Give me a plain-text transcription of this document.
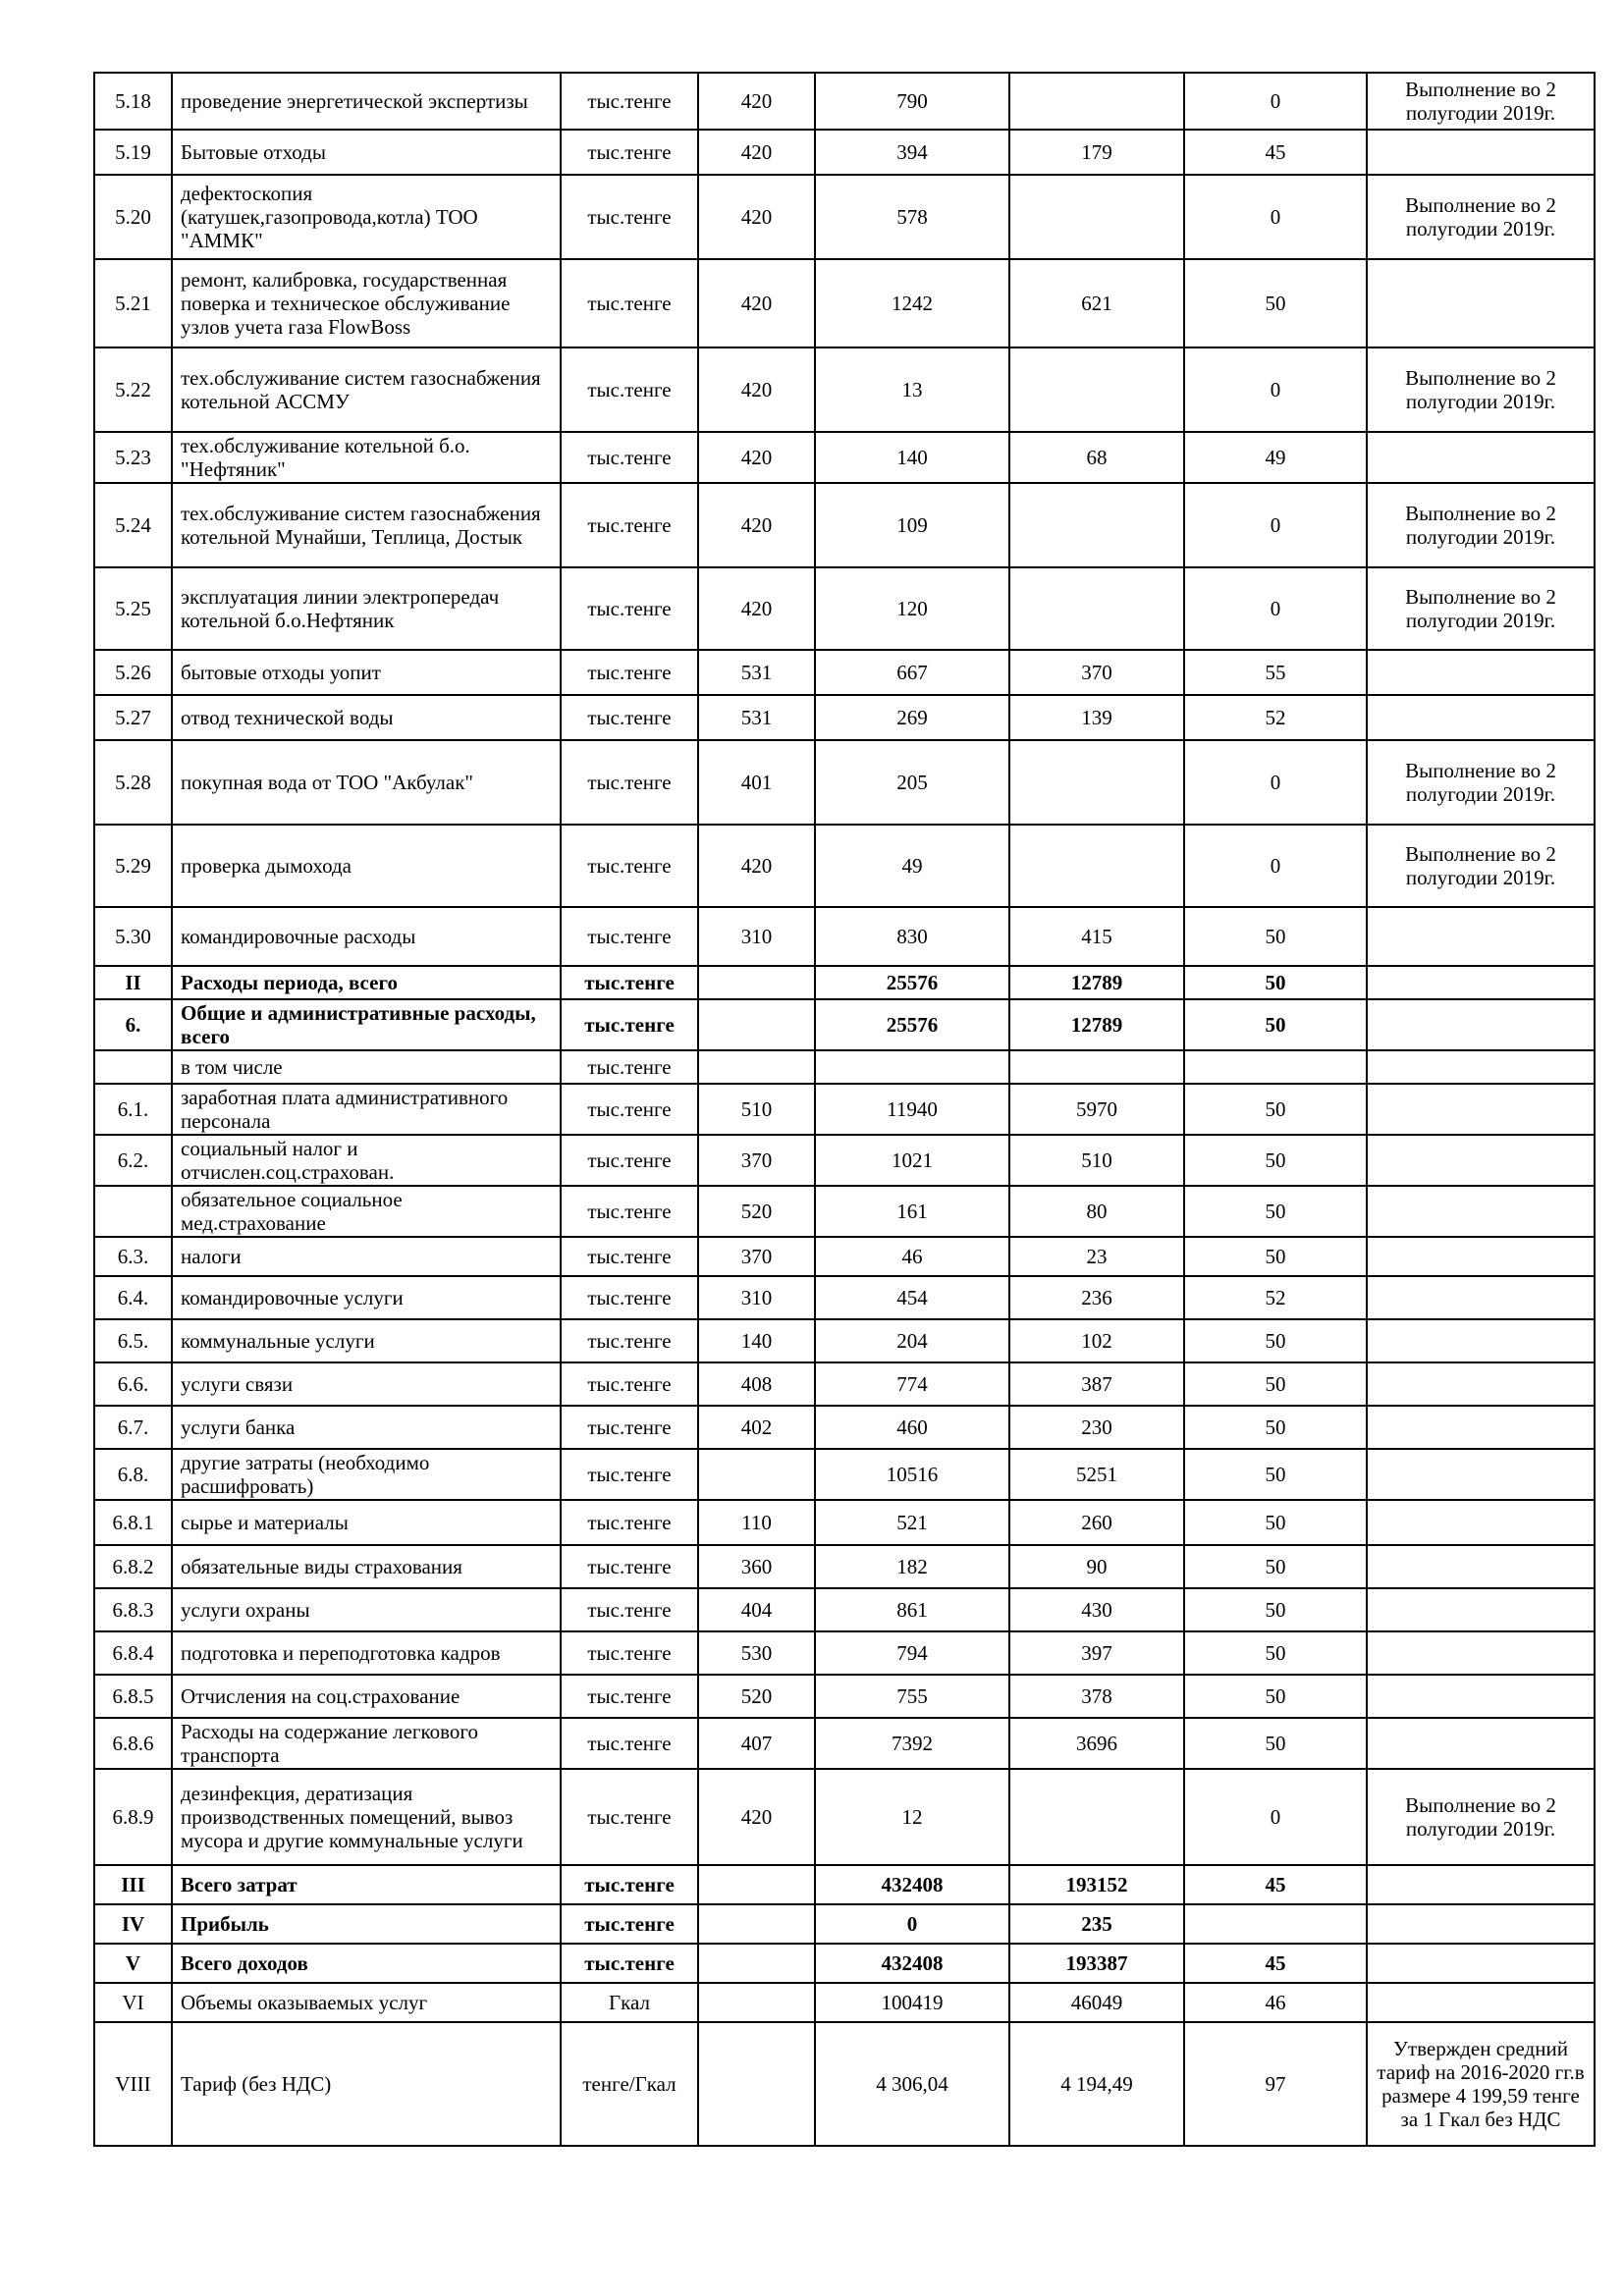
5.18	проведение энергетической экспертизы	тыс.тенге	420	790		0	Выполнение во 2 полугодии 2019г.
5.19	Бытовые отходы	тыс.тенге	420	394	179	45	
5.20	дефектоскопия (катушек,газопровода,котла) ТОО "АММК"	тыс.тенге	420	578		0	Выполнение во 2 полугодии 2019г.
5.21	ремонт, калибровка, государственная поверка и техническое обслуживание узлов учета газа FlowBoss	тыс.тенге	420	1242	621	50	
5.22	тех.обслуживание систем газоснабжения котельной АССМУ	тыс.тенге	420	13		0	Выполнение во 2 полугодии 2019г.
5.23	тех.обслуживание котельной б.о. "Нефтяник"	тыс.тенге	420	140	68	49	
5.24	тех.обслуживание систем газоснабжения котельной Мунайши, Теплица, Достык	тыс.тенге	420	109		0	Выполнение во 2 полугодии 2019г.
5.25	эксплуатация линии электропередач котельной б.о.Нефтяник	тыс.тенге	420	120		0	Выполнение во 2 полугодии 2019г.
5.26	бытовые отходы уопит	тыс.тенге	531	667	370	55	
5.27	отвод технической воды	тыс.тенге	531	269	139	52	
5.28	покупная вода от ТОО "Акбулак"	тыс.тенге	401	205		0	Выполнение во 2 полугодии 2019г.
5.29	проверка дымохода	тыс.тенге	420	49		0	Выполнение во 2 полугодии 2019г.
5.30	командировочные расходы	тыс.тенге	310	830	415	50	
II	Расходы периода, всего	тыс.тенге		25576	12789	50	
6.	Общие и административные расходы, всего	тыс.тенге		25576	12789	50	
	в том числе	тыс.тенге					
6.1.	заработная плата административного персонала	тыс.тенге	510	11940	5970	50	
6.2.	социальный налог и отчислен.соц.страхован.	тыс.тенге	370	1021	510	50	
	обязательное социальное мед.страхование	тыс.тенге	520	161	80	50	
6.3.	налоги	тыс.тенге	370	46	23	50	
6.4.	командировочные услуги	тыс.тенге	310	454	236	52	
6.5.	коммунальные услуги	тыс.тенге	140	204	102	50	
6.6.	услуги связи	тыс.тенге	408	774	387	50	
6.7.	услуги банка	тыс.тенге	402	460	230	50	
6.8.	другие затраты (необходимо расшифровать)	тыс.тенге		10516	5251	50	
6.8.1	сырье и материалы	тыс.тенге	110	521	260	50	
6.8.2	обязательные виды страхования	тыс.тенге	360	182	90	50	
6.8.3	услуги охраны	тыс.тенге	404	861	430	50	
6.8.4	подготовка и переподготовка кадров	тыс.тенге	530	794	397	50	
6.8.5	Отчисления на соц.страхование	тыс.тенге	520	755	378	50	
6.8.6	Расходы на содержание легкового транспорта	тыс.тенге	407	7392	3696	50	
6.8.9	дезинфекция, дератизация производственных помещений, вывоз мусора и другие коммунальные услуги	тыс.тенге	420	12		0	Выполнение во 2 полугодии 2019г.
III	Всего затрат	тыс.тенге		432408	193152	45	
IV	Прибыль	тыс.тенге		0	235		
V	Всего доходов	тыс.тенге		432408	193387	45	
VI	Объемы оказываемых услуг	Гкал		100419	46049	46	
VIII	Тариф (без НДС)	тенге/Гкал		4 306,04	4 194,49	97	Утвержден средний тариф на 2016-2020 гг.в размере 4 199,59 тенге за 1 Гкал без НДС
